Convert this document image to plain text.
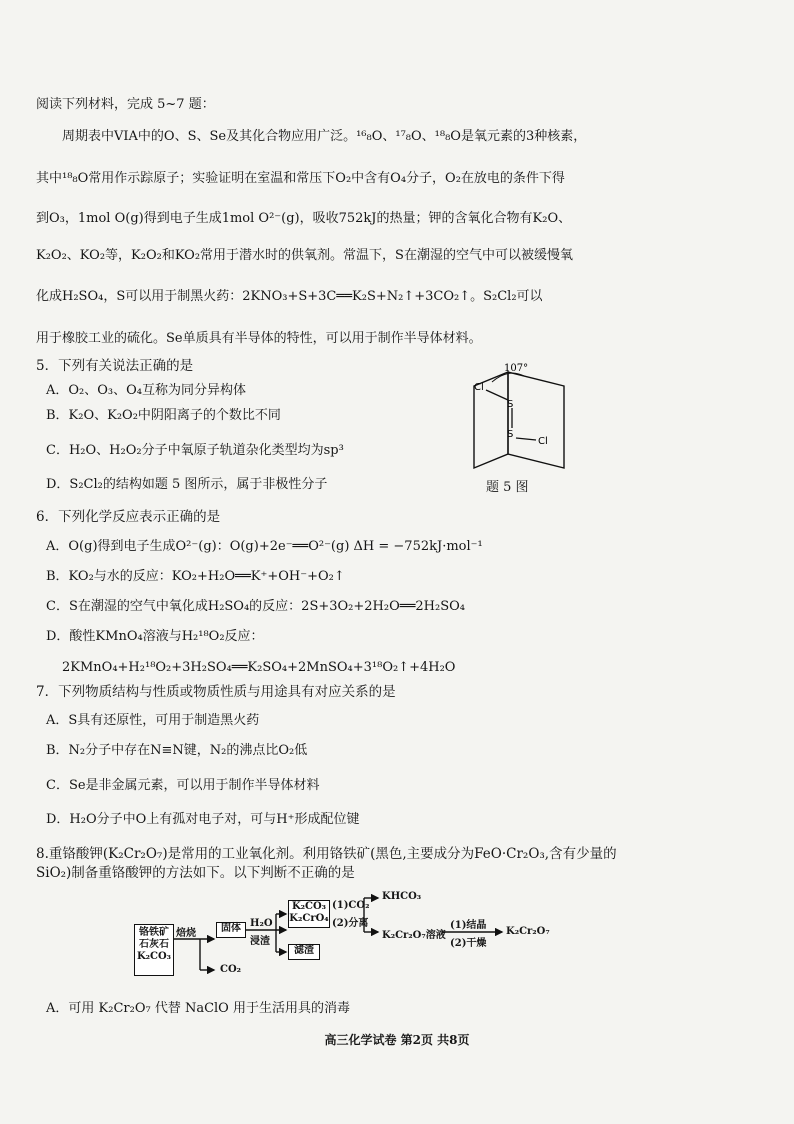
阅读下列材料，完成 5~7 题：
周期表中VIA中的O、S、Se及其化合物应用广泛。¹⁶₈O、¹⁷₈O、¹⁸₈O是氧元素的3种核素，
其中¹⁸₈O常用作示踪原子；实验证明在室温和常压下O₂中含有O₄分子，O₂在放电的条件下得
到O₃，1mol O(g)得到电子生成1mol O²⁻(g)，吸收752kJ的热量；钾的含氧化合物有K₂O、
K₂O₂、KO₂等，K₂O₂和KO₂常用于潜水时的供氧剂。常温下，S在潮湿的空气中可以被缓慢氧
化成H₂SO₄，S可以用于制黑火药：2KNO₃+S+3C══K₂S+N₂↑+3CO₂↑。S₂Cl₂可以
用于橡胶工业的硫化。Se单质具有半导体的特性，可以用于制作半导体材料。
5．下列有关说法正确的是
A．O₂、O₃、O₄互称为同分异构体
B．K₂O、K₂O₂中阴阳离子的个数比不同
C．H₂O、H₂O₂分子中氧原子轨道杂化类型均为sp³
D．S₂Cl₂的结构如题 5 图所示，属于非极性分子
107°
Cl
S
S
Cl
题 5 图
6．下列化学反应表示正确的是
A．O(g)得到电子生成O²⁻(g)：O(g)+2e⁻══O²⁻(g) ΔH = −752kJ·mol⁻¹
B．KO₂与水的反应：KO₂+H₂O══K⁺+OH⁻+O₂↑
C．S在潮湿的空气中氧化成H₂SO₄的反应：2S+3O₂+2H₂O══2H₂SO₄
D．酸性KMnO₄溶液与H₂¹⁸O₂反应：
2KMnO₄+H₂¹⁸O₂+3H₂SO₄══K₂SO₄+2MnSO₄+3¹⁸O₂↑+4H₂O
7．下列物质结构与性质或物质性质与用途具有对应关系的是
A．S具有还原性，可用于制造黑火药
B．N₂分子中存在N≡N键，N₂的沸点比O₂低
C．Se是非金属元素，可以用于制作半导体材料
D．H₂O分子中O上有孤对电子对，可与H⁺形成配位键
8.重铬酸钾(K₂Cr₂O₇)是常用的工业氧化剂。利用铬铁矿(黑色,主要成分为FeO·Cr₂O₃,含有少量的
SiO₂)制备重铬酸钾的方法如下。以下判断不正确的是
铬铁矿
石灰石
K₂CO₃
焙烧	固体
CO₂
H₂O
浸渣
K₂CO₃
K₂CrO₄
(1)CO₂
(2)分离
滤渣
KHCO₃
K₂Cr₂O₇溶液
(1)结晶
(2)干燥
K₂Cr₂O₇
A．可用 K₂Cr₂O₇ 代替 NaClO 用于生活用具的消毒
高三化学试卷 第2页 共8页
